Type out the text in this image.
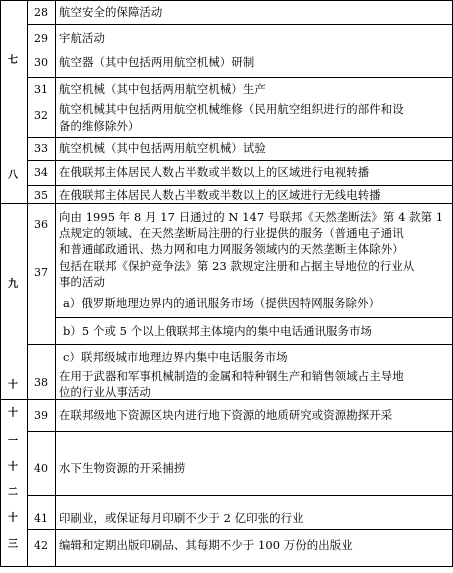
七
八
九
十
十
一
十
二
十
三
28 航空安全的保障活动
29 宇航活动
30 航空器（其中包括两用航空机械）研制
31 航空机械（其中包括两用航空机械）生产
32 航空机械其中包括两用航空机械维修（民用航空组织进行的部件和设
备的维修除外）
33 航空机械（其中包括两用航空机械）试验
34 在俄联邦主体居民人数占半数或半数以上的区域进行电视转播
35 在俄联邦主体居民人数占半数或半数以上的区域进行无线电转播
36
向由 1995 年 8 月 17 日通过的 N 147 号联邦《天然垄断法》第 4 款第 1
点规定的领域、在天然垄断局注册的行业提供的服务（普通电子通讯
和普通邮政通讯、热力网和电力网服务领域内的天然垄断主体除外）
37 包括在联邦《保护竞争法》第 23 款规定注册和占据主导地位的行业从
事的活动
a）俄罗斯地理边界内的通讯服务市场（提供因特网服务除外）
b）5 个或 5 个以上俄联邦主体境内的集中电话通讯服务市场
c）联邦级城市地理边界内集中电话服务市场
38 在用于武器和军事机械制造的金属和特种钢生产和销售领域占主导地
位的行业从事活动
39 在联邦级地下资源区块内进行地下资源的地质研究或资源勘探开采
40 水下生物资源的开采捕捞
41 印刷业，或保证每月印刷不少于 2 亿印张的行业
42 编辑和定期出版印刷品、其每期不少于 100 万份的出版业
